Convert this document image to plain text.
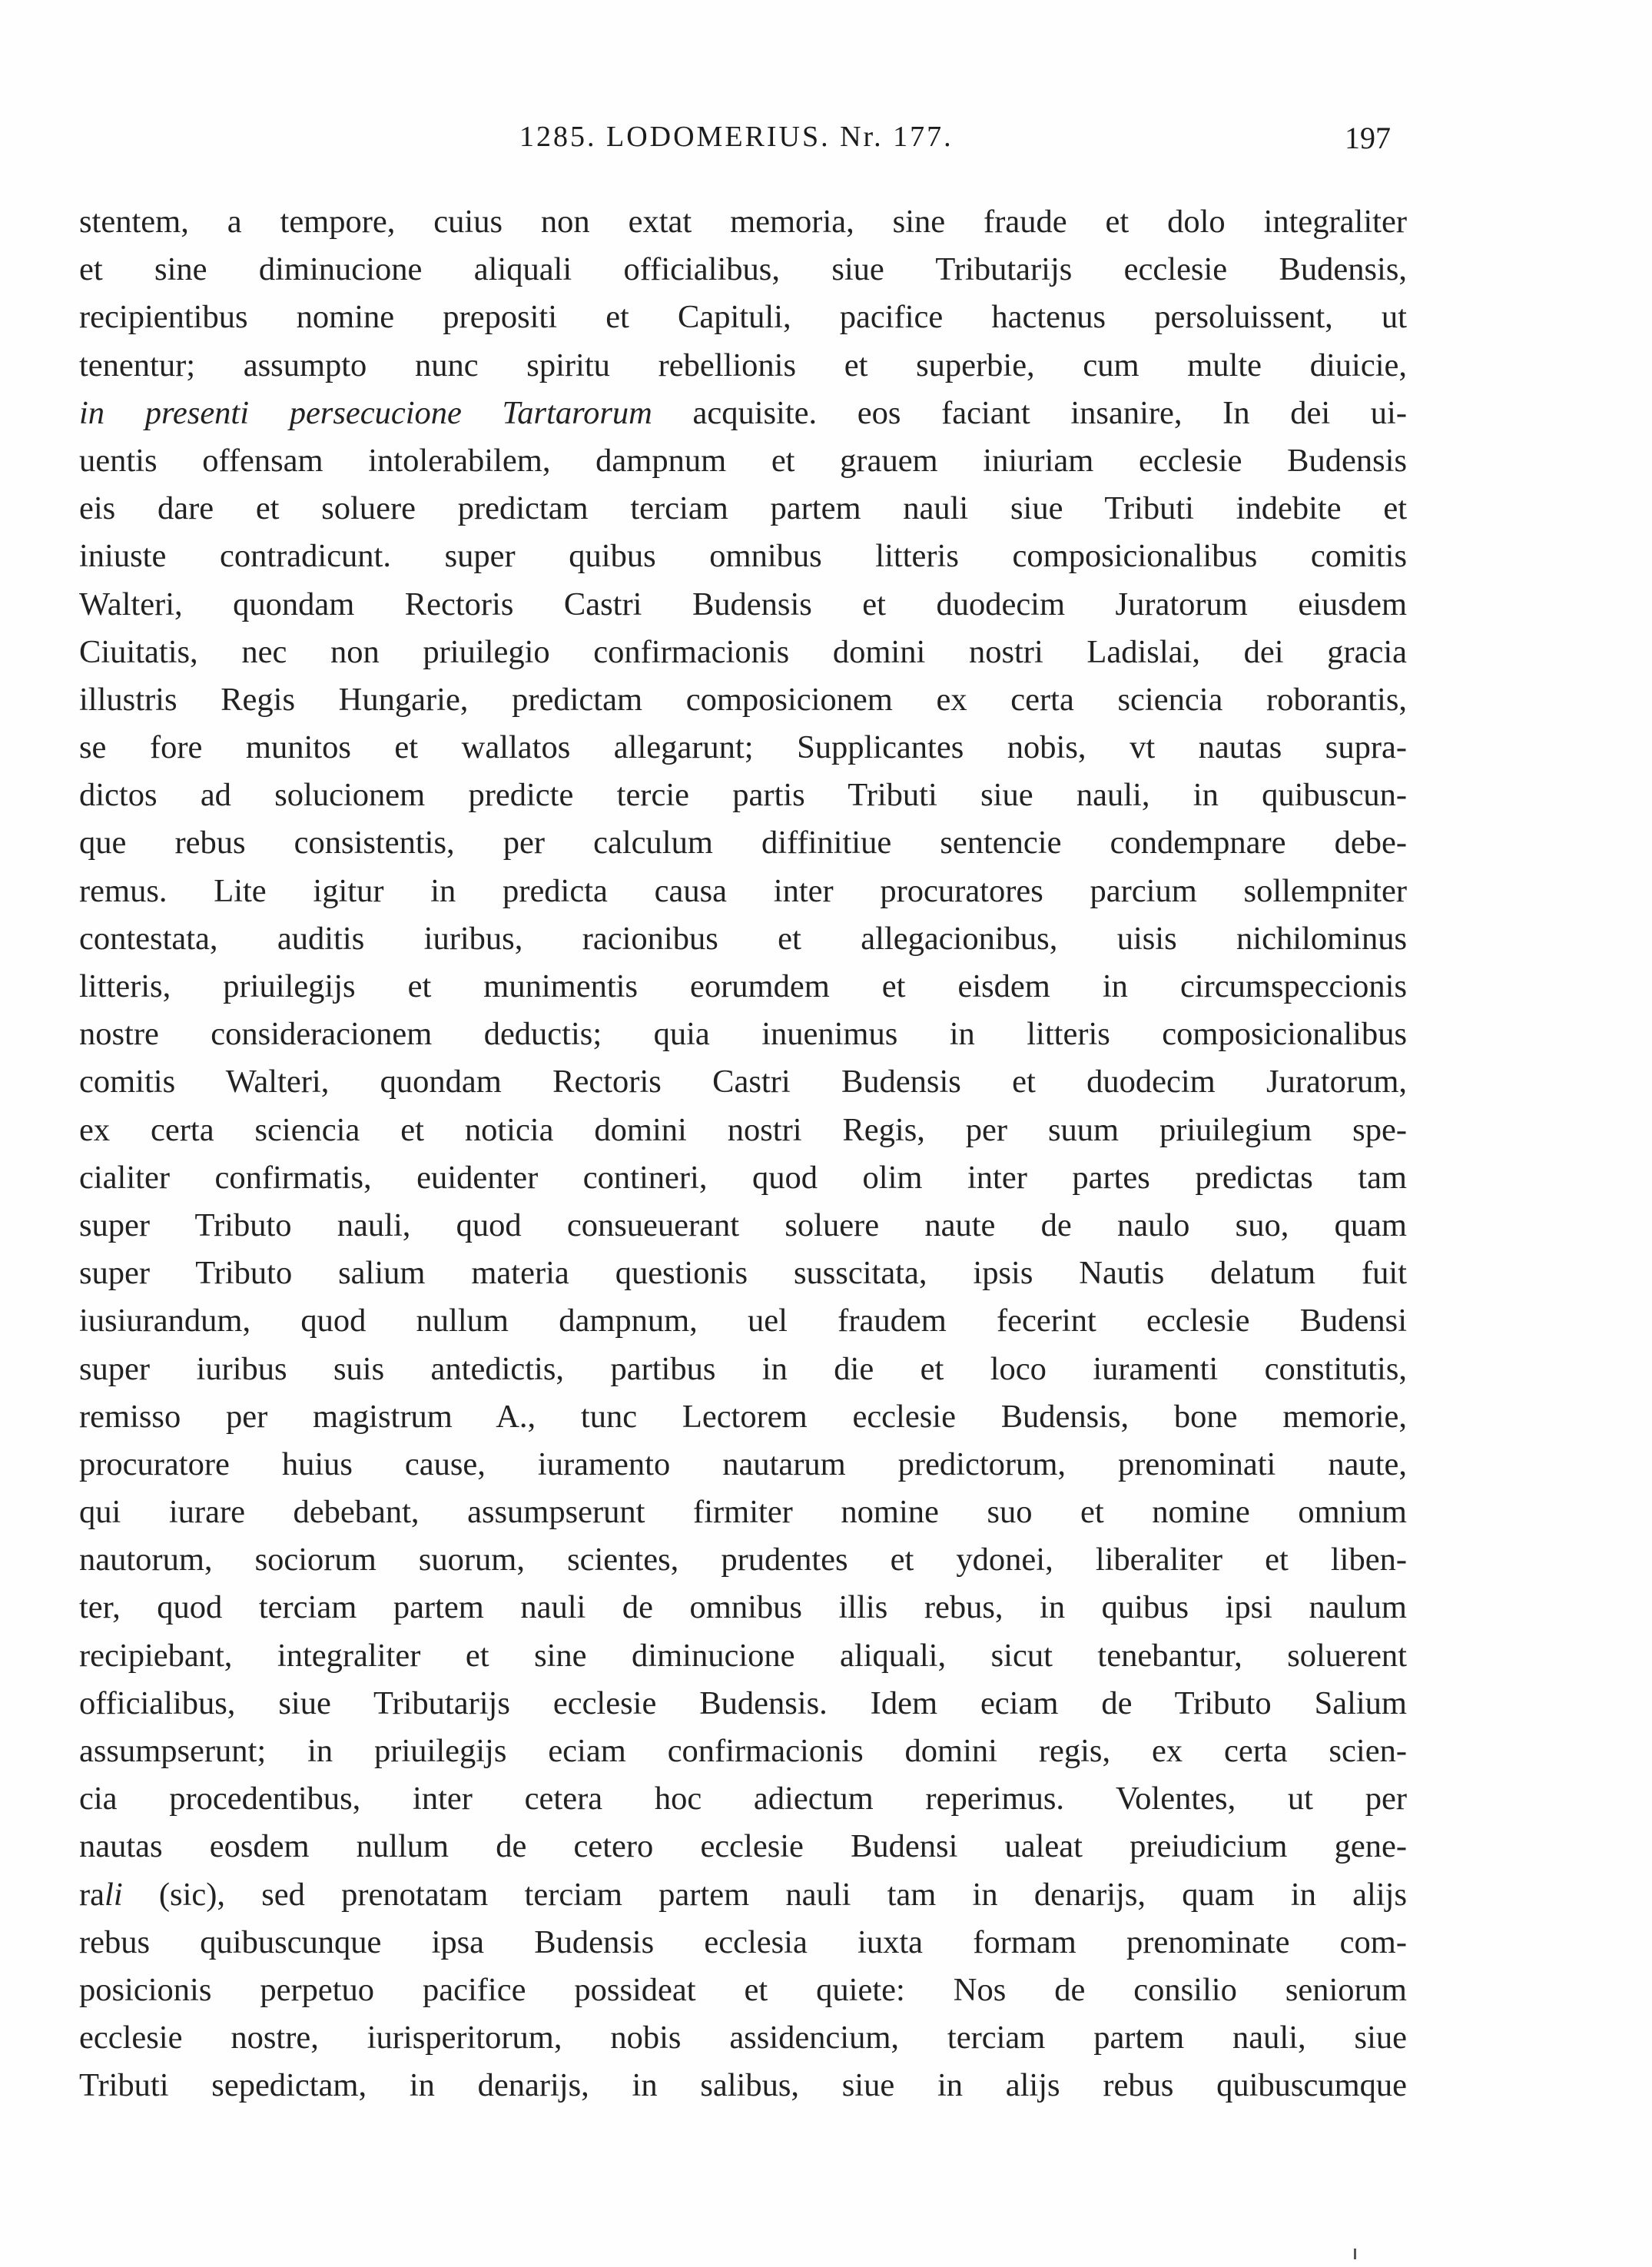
1285. LODOMERIUS. Nr. 177.	197
stentem, a tempore, cuius non extat memoria, sine fraude et dolo integraliter
et sine diminucione aliquali officialibus, siue Tributarijs ecclesie Budensis,
recipientibus nomine prepositi et Capituli, pacifice hactenus persoluissent, ut
tenentur; assumpto nunc spiritu rebellionis et superbie, cum multe diuicie,
in presenti persecucione Tartarorum acquisite. eos faciant insanire, In dei ui-
uentis offensam intolerabilem, dampnum et grauem iniuriam ecclesie Budensis
eis dare et soluere predictam terciam partem nauli siue Tributi indebite et
iniuste contradicunt. super quibus omnibus litteris composicionalibus comitis
Walteri, quondam Rectoris Castri Budensis et duodecim Juratorum eiusdem
Ciuitatis, nec non priuilegio confirmacionis domini nostri Ladislai, dei gracia
illustris Regis Hungarie, predictam composicionem ex certa sciencia roborantis,
se fore munitos et wallatos allegarunt; Supplicantes nobis, vt nautas supra-
dictos ad solucionem predicte tercie partis Tributi siue nauli, in quibuscun-
que rebus consistentis, per calculum diffinitiue sentencie condempnare debe-
remus. Lite igitur in predicta causa inter procuratores parcium sollempniter
contestata, auditis iuribus, racionibus et allegacionibus, uisis nichilominus
litteris, priuilegijs et munimentis eorumdem et eisdem in circumspeccionis
nostre consideracionem deductis; quia inuenimus in litteris composicionalibus
comitis Walteri, quondam Rectoris Castri Budensis et duodecim Juratorum,
ex certa sciencia et noticia domini nostri Regis, per suum priuilegium spe-
cialiter confirmatis, euidenter contineri, quod olim inter partes predictas tam
super Tributo nauli, quod consueuerant soluere naute de naulo suo, quam
super Tributo salium materia questionis susscitata, ipsis Nautis delatum fuit
iusiurandum, quod nullum dampnum, uel fraudem fecerint ecclesie Budensi
super iuribus suis antedictis, partibus in die et loco iuramenti constitutis,
remisso per magistrum A., tunc Lectorem ecclesie Budensis, bone memorie,
procuratore huius cause, iuramento nautarum predictorum, prenominati naute,
qui iurare debebant, assumpserunt firmiter nomine suo et nomine omnium
nautorum, sociorum suorum, scientes, prudentes et ydonei, liberaliter et liben-
ter, quod terciam partem nauli de omnibus illis rebus, in quibus ipsi naulum
recipiebant, integraliter et sine diminucione aliquali, sicut tenebantur, soluerent
officialibus, siue Tributarijs ecclesie Budensis. Idem eciam de Tributo Salium
assumpserunt; in priuilegijs eciam confirmacionis domini regis, ex certa scien-
cia procedentibus, inter cetera hoc adiectum reperimus. Volentes, ut per
nautas eosdem nullum de cetero ecclesie Budensi ualeat preiudicium gene-
rali (sic), sed prenotatam terciam partem nauli tam in denarijs, quam in alijs
rebus quibuscunque ipsa Budensis ecclesia iuxta formam prenominate com-
posicionis perpetuo pacifice possideat et quiete: Nos de consilio seniorum
ecclesie nostre, iurisperitorum, nobis assidencium, terciam partem nauli, siue
Tributi sepedictam, in denarijs, in salibus, siue in alijs rebus quibuscumque
